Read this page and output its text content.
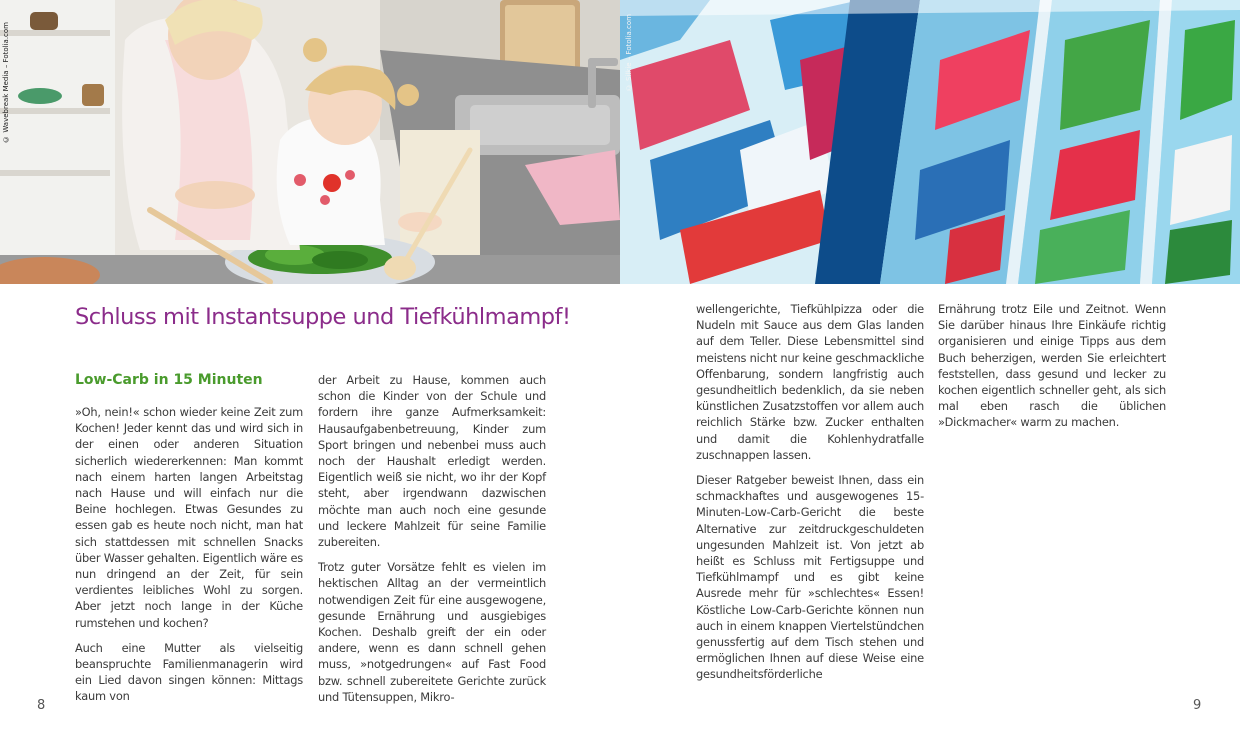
© Wavebreak Media – Fotolia.com	© Silkie – Fotolia.com
Schluss mit Instantsuppe und Tiefkühlmampf!
Low-Carb in 15 Minuten

»Oh, nein!« schon wieder keine Zeit zum Kochen! Jeder kennt das und wird sich in der einen oder anderen Situation sicherlich wiedererkennen: Man kommt nach einem harten langen Arbeitstag nach Hause und will einfach nur die Beine hochlegen. Etwas Gesundes zu essen gab es heute noch nicht, man hat sich stattdessen mit schnellen Snacks über Wasser gehalten. Eigentlich wäre es nun dringend an der Zeit, für sein verdientes leibliches Wohl zu sorgen. Aber jetzt noch lange in der Küche rumstehen und kochen?

Auch eine Mutter als vielseitig beanspruchte Familienmanagerin wird ein Lied davon singen können: Mittags kaum von

der Arbeit zu Hause, kommen auch schon die Kinder von der Schule und fordern ihre ganze Aufmerksamkeit: Hausaufgabenbetreuung, Kinder zum Sport bringen und nebenbei muss auch noch der Haushalt erledigt werden. Eigentlich weiß sie nicht, wo ihr der Kopf steht, aber irgendwann dazwischen möchte man auch noch eine gesunde und leckere Mahlzeit für seine Familie zubereiten.

Trotz guter Vorsätze fehlt es vielen im hektischen Alltag an der vermeintlich notwendigen Zeit für eine ausgewogene, gesunde Ernährung und ausgiebiges Kochen. Deshalb greift der ein oder andere, wenn es dann schnell gehen muss, »notgedrungen« auf Fast Food bzw. schnell zubereitete Gerichte zurück und Tütensuppen, Mikro-

wellengerichte, Tiefkühlpizza oder die Nudeln mit Sauce aus dem Glas landen auf dem Teller. Diese Lebensmittel sind meistens nicht nur keine geschmackliche Offenbarung, sondern langfristig auch gesundheitlich bedenklich, da sie neben künstlichen Zusatzstoffen vor allem auch reichlich Stärke bzw. Zucker enthalten und damit die Kohlenhydratfalle zuschnappen lassen.

Dieser Ratgeber beweist Ihnen, dass ein schmackhaftes und ausgewogenes 15-Minuten-Low-Carb-Gericht die beste Alternative zur zeitdruckgeschuldeten ungesunden Mahlzeit ist. Von jetzt ab heißt es Schluss mit Fertigsuppe und Tiefkühlmampf und es gibt keine Ausrede mehr für »schlechtes« Essen! Köstliche Low-Carb-Gerichte können nun auch in einem knappen Viertelstündchen genussfertig auf dem Tisch stehen und ermöglichen Ihnen auf diese Weise eine gesundheitsförderliche

Ernährung trotz Eile und Zeitnot. Wenn Sie darüber hinaus Ihre Einkäufe richtig organisieren und einige Tipps aus dem Buch beherzigen, werden Sie erleichtert feststellen, dass gesund und lecker zu kochen eigentlich schneller geht, als sich mal eben rasch die üblichen »Dickmacher« warm zu machen.

8	9
